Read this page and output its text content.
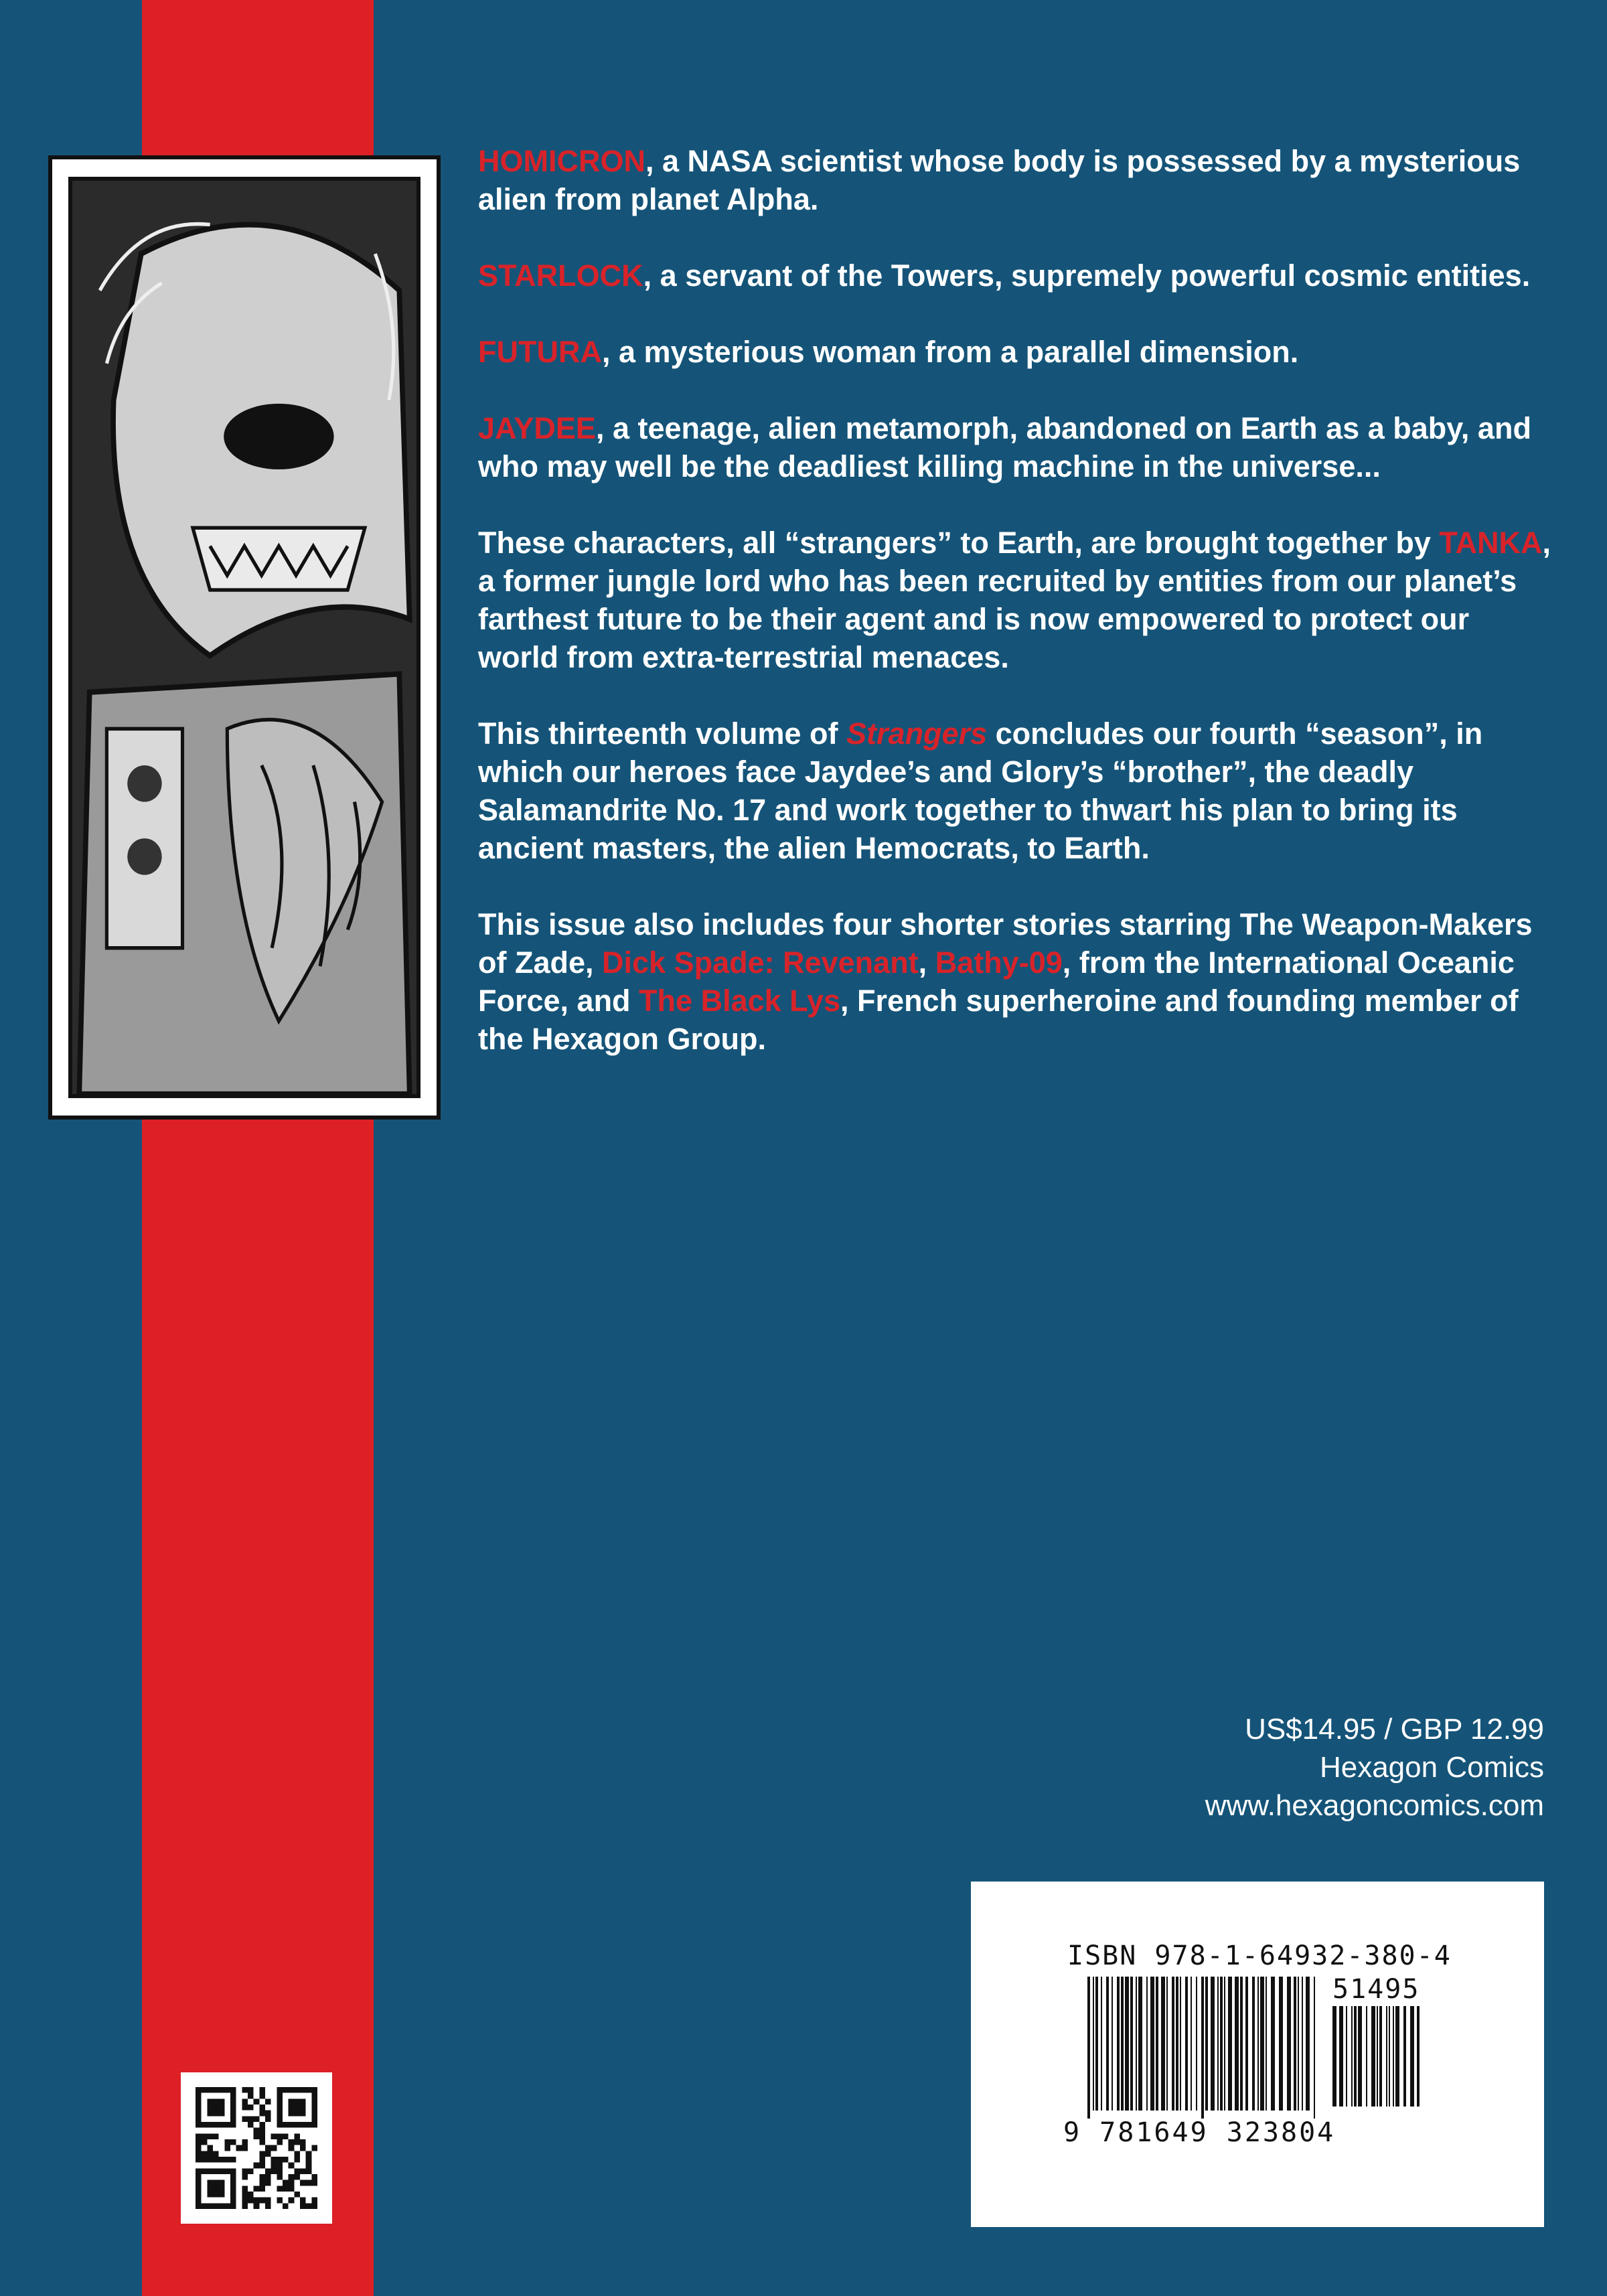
HOMICRON, a NASA scientist whose body is possessed by a mysterious alien from planet Alpha.

STARLOCK, a servant of the Towers, supremely powerful cosmic entities.

FUTURA, a mysterious woman from a parallel dimension.

JAYDEE, a teenage, alien metamorph, abandoned on Earth as a baby, and who may well be the deadliest killing machine in the universe...

These characters, all “strangers” to Earth, are brought together by TANKA, a former jungle lord who has been recruited by entities from our planet’s farthest future to be their agent and is now empowered to protect our world from extra-terrestrial menaces.

This thirteenth volume of Strangers concludes our fourth “season”, in which our heroes face Jaydee’s and Glory’s “brother”, the deadly Salamandrite No. 17 and work together to thwart his plan to bring its ancient masters, the alien Hemocrats, to Earth.

This issue also includes four shorter stories starring The Weapon-Makers of Zade, Dick Spade: Revenant, Bathy-09, from the International Oceanic Force, and The Black Lys, French superheroine and founding member of the Hexagon Group.

US$14.95 / GBP 12.99
Hexagon Comics
www.hexagoncomics.com
ISBN 978-1-64932-380-4
51495
9 781649 323804
